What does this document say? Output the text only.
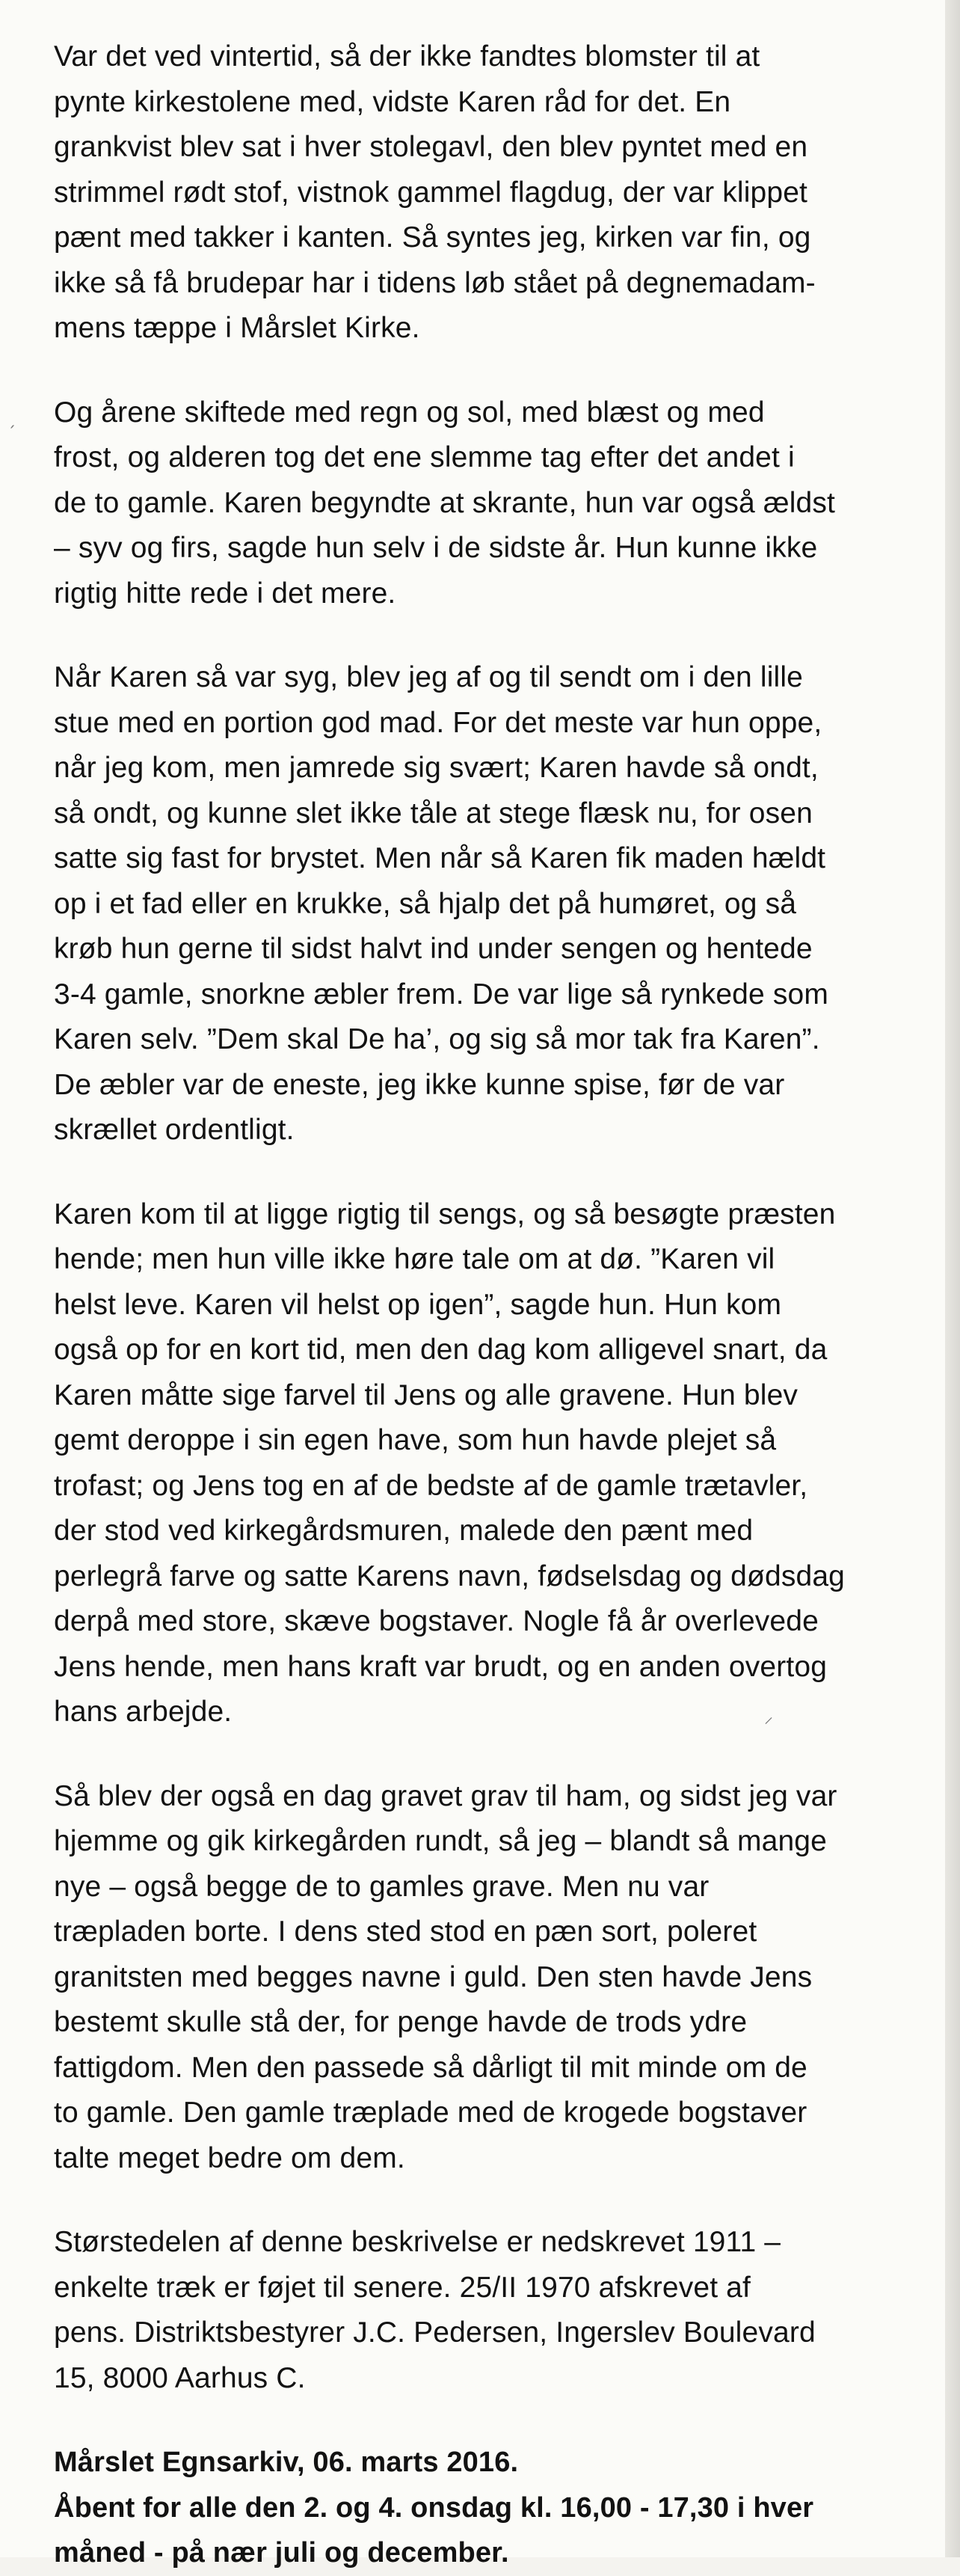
ˏ
⸝

Var det ved vintertid, så der ikke fandtes blomster til at
pynte kirkestolene med, vidste Karen råd for det. En
grankvist blev sat i hver stolegavl, den blev pyntet med en
strimmel rødt stof, vistnok gammel flagdug, der var klippet
pænt med takker i kanten. Så syntes jeg, kirken var fin, og
ikke så få brudepar har i tidens løb stået på degnemadam-
mens tæppe i Mårslet Kirke.

Og årene skiftede med regn og sol, med blæst og med
frost, og alderen tog det ene slemme tag efter det andet i
de to gamle. Karen begyndte at skrante, hun var også ældst
– syv og firs, sagde hun selv i de sidste år. Hun kunne ikke
rigtig hitte rede i det mere.

Når Karen så var syg, blev jeg af og til sendt om i den lille
stue med en portion god mad. For det meste var hun oppe,
når jeg kom, men jamrede sig svært; Karen havde så ondt,
så ondt, og kunne slet ikke tåle at stege flæsk nu, for osen
satte sig fast for brystet. Men når så Karen fik maden hældt
op i et fad eller en krukke, så hjalp det på humøret, og så
krøb hun gerne til sidst halvt ind under sengen og hentede
3-4 gamle, snorkne æbler frem. De var lige så rynkede som
Karen selv. ”Dem skal De ha’, og sig så mor tak fra Karen”.
De æbler var de eneste, jeg ikke kunne spise, før de var
skrællet ordentligt.

Karen kom til at ligge rigtig til sengs, og så besøgte præsten
hende; men hun ville ikke høre tale om at dø. ”Karen vil
helst leve. Karen vil helst op igen”, sagde hun. Hun kom
også op for en kort tid, men den dag kom alligevel snart, da
Karen måtte sige farvel til Jens og alle gravene. Hun blev
gemt deroppe i sin egen have, som hun havde plejet så
trofast; og Jens tog en af de bedste af de gamle trætavler,
der stod ved kirkegårdsmuren, malede den pænt med
perlegrå farve og satte Karens navn, fødselsdag og dødsdag
derpå med store, skæve bogstaver. Nogle få år overlevede
Jens hende, men hans kraft var brudt, og en anden overtog
hans arbejde.

Så blev der også en dag gravet grav til ham, og sidst jeg var
hjemme og gik kirkegården rundt, så jeg – blandt så mange
nye – også begge de to gamles grave. Men nu var
træpladen borte. I dens sted stod en pæn sort, poleret
granitsten med begges navne i guld. Den sten havde Jens
bestemt skulle stå der, for penge havde de trods ydre
fattigdom. Men den passede så dårligt til mit minde om de
to gamle. Den gamle træplade med de krogede bogstaver
talte meget bedre om dem.

Størstedelen af denne beskrivelse er nedskrevet 1911 –
enkelte træk er føjet til senere. 25/II 1970 afskrevet af
pens. Distriktsbestyrer J.C. Pedersen, Ingerslev Boulevard
15, 8000 Aarhus C.

Mårslet Egnsarkiv, 06. marts 2016.
Åbent for alle den 2. og 4. onsdag kl. 16,00 - 17,30 i hver
måned - på nær juli og december.
